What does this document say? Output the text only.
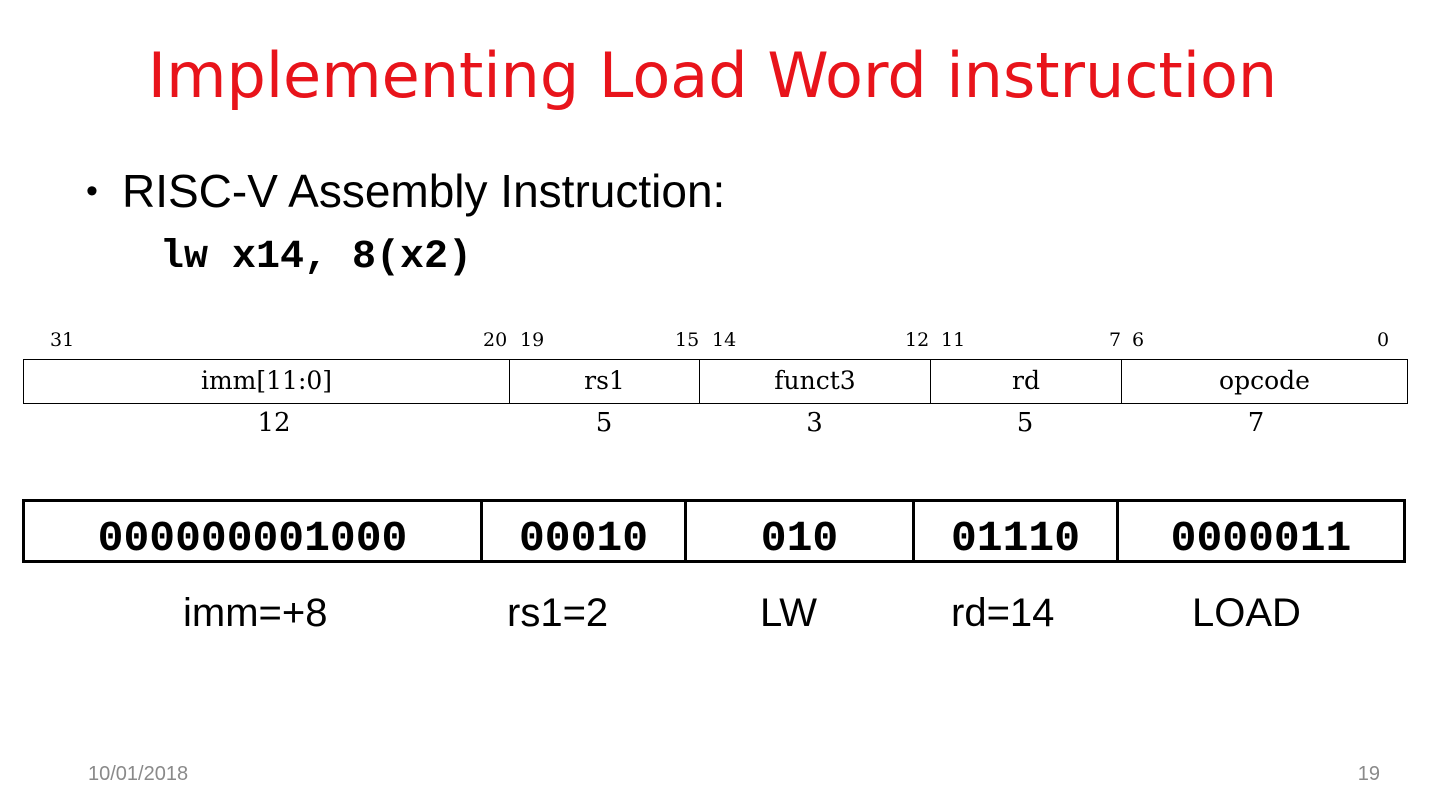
Implementing Load Word instruction
• RISC-V Assembly Instruction:
lw x14, 8(x2)
31	20 19	15 14	12 11	7 6	0
imm[11:0]	rs1	funct3	rd	opcode
12	5	3	5	7
000000001000	00010	010	01110	0000011
imm=+8	rs1=2	LW	rd=14	LOAD
10/01/2018	19
